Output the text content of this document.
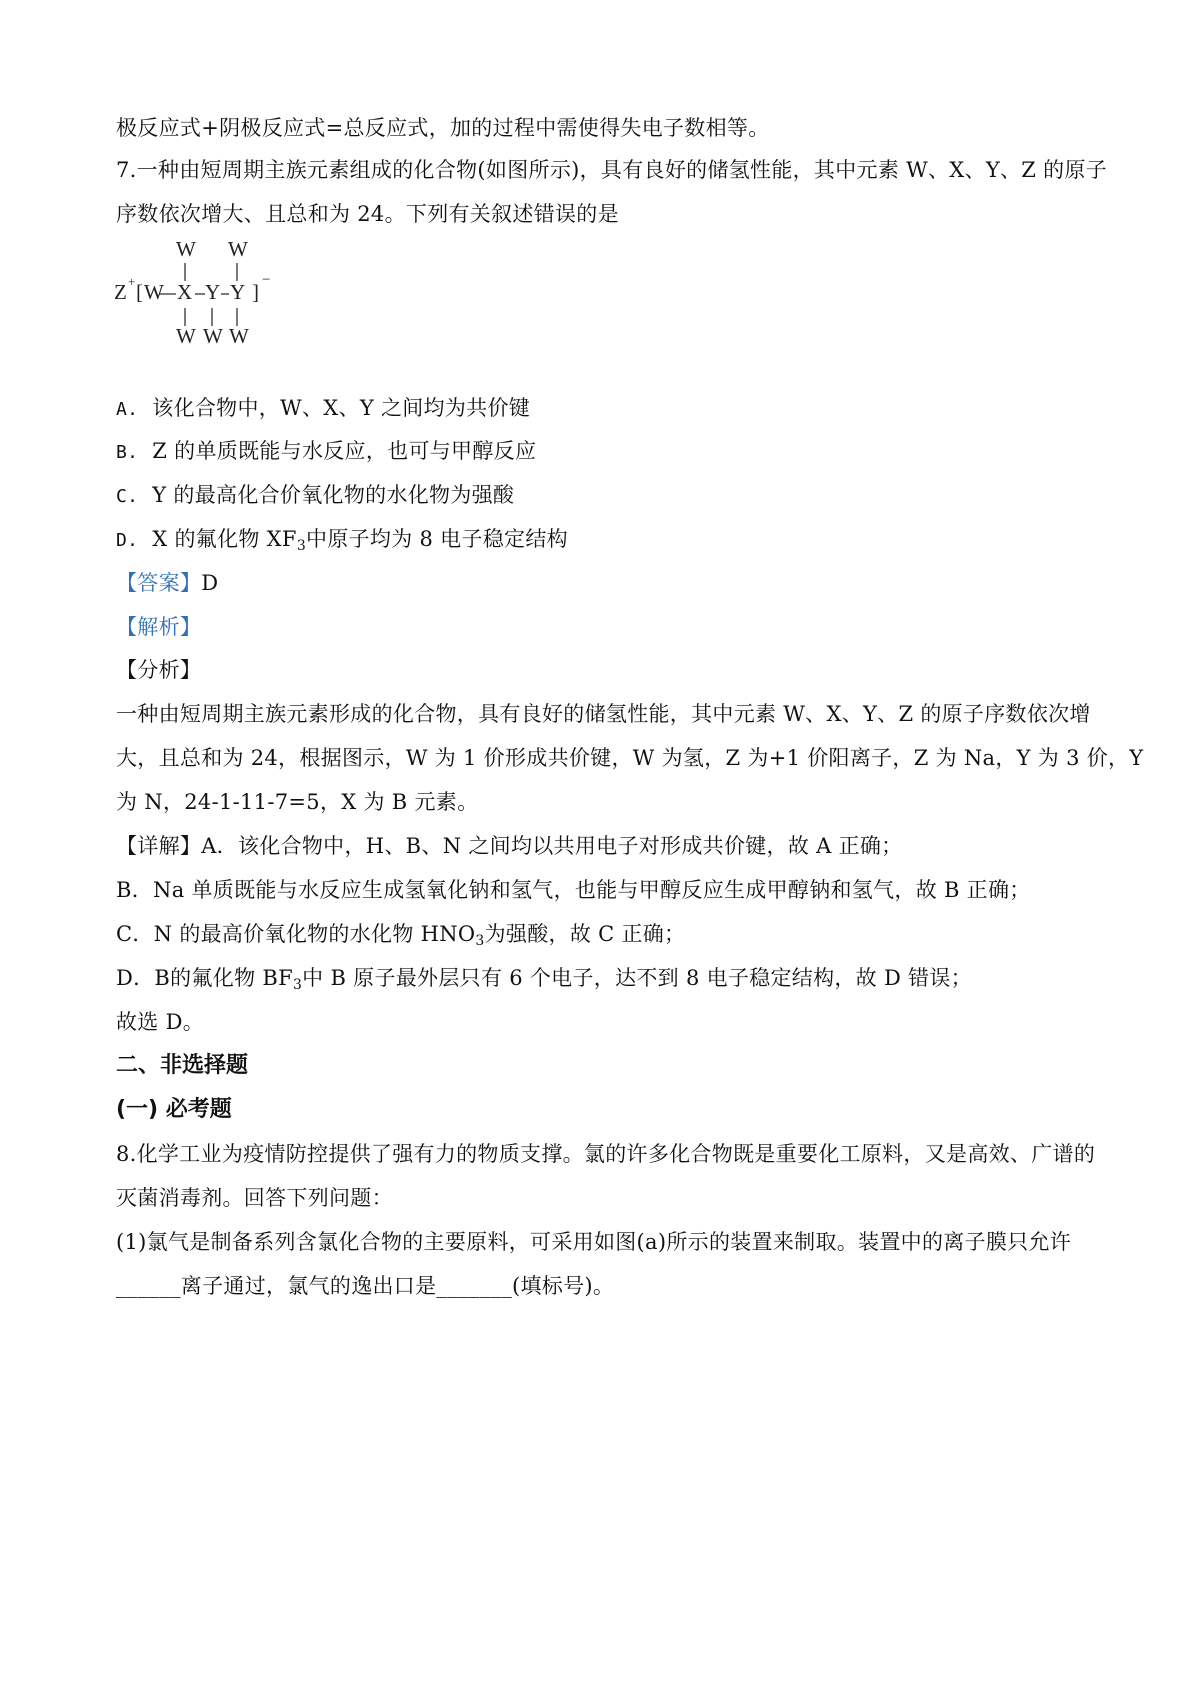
极反应式+阴极反应式=总反应式，加的过程中需使得失电子数相等。
7.一种由短周期主族元素组成的化合物(如图所示)，具有良好的储氢性能，其中元素 W、X、Y、Z 的原子
序数依次增大、且总和为 24。下列有关叙述错误的是
W W
Z + [ W X Y Y ] −
W W W
A. 该化合物中，W、X、Y 之间均为共价键
B. Z 的单质既能与水反应，也可与甲醇反应
C. Y 的最高化合价氧化物的水化物为强酸
D. X 的氟化物 $XF_3$中原子均为 8 电子稳定结构
【答案】D
【解析】
【分析】
一种由短周期主族元素形成的化合物，具有良好的储氢性能，其中元素 W、X、Y、Z 的原子序数依次增
大，且总和为 24，根据图示，W 为 1 价形成共价键，W 为氢，Z 为+1 价阳离子，Z 为 Na，Y 为 3 价，Y
为 N，24-1-11-7=5，X 为 B 元素。
【详解】A．该化合物中，H、B、N 之间均以共用电子对形成共价键，故 A 正确；
B．Na 单质既能与水反应生成氢氧化钠和氢气，也能与甲醇反应生成甲醇钠和氢气，故 B 正确；
C．N 的最高价氧化物的水化物 $HNO_3$为强酸，故 C 正确；
D．B的氟化物 $BF_3$中 B 原子最外层只有 6 个电子，达不到 8 电子稳定结构，故 D 错误；
故选 D。
二、非选择题
(一) 必考题
8.化学工业为疫情防控提供了强有力的物质支撑。氯的许多化合物既是重要化工原料，又是高效、广谱的
灭菌消毒剂。回答下列问题：
(1)氯气是制备系列含氯化合物的主要原料，可采用如图(a)所示的装置来制取。装置中的离子膜只允许
______离子通过，氯气的逸出口是_______(填标号)。
